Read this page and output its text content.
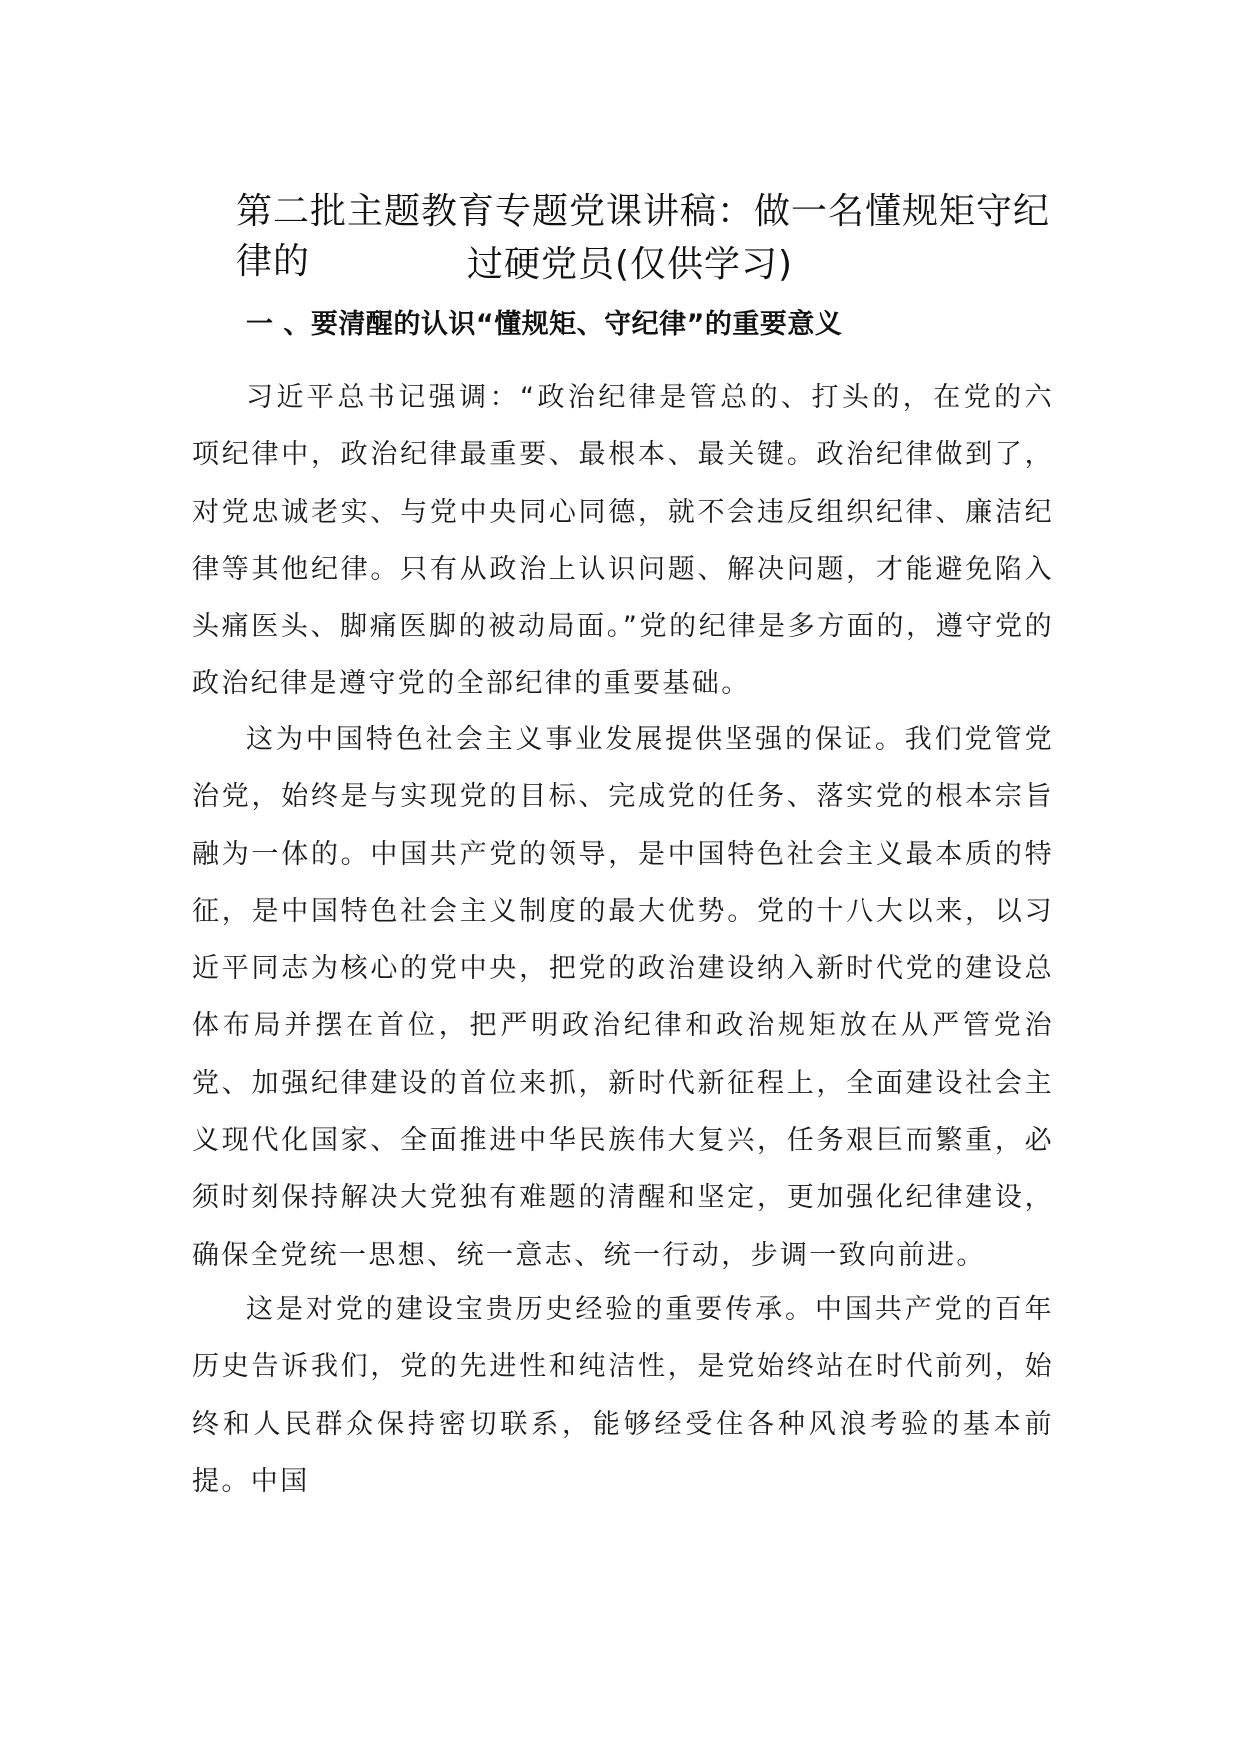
第二批主题教育专题党课讲稿：做一名懂规矩守纪律的	过硬党员(仅供学习)
一 、要清醒的认识“懂规矩、守纪律”的重要意义

习近平总书记强调：“政治纪律是管总的、打头的，在党的六项纪律中，政治纪律最重要、最根本、最关键。政治纪律做到了，对党忠诚老实、与党中央同心同德，就不会违反组织纪律、廉洁纪律等其他纪律。只有从政治上认识问题、解决问题，才能避免陷入头痛医头、脚痛医脚的被动局面。”党的纪律是多方面的，遵守党的政治纪律是遵守党的全部纪律的重要基础。

这为中国特色社会主义事业发展提供坚强的保证。我们党管党治党，始终是与实现党的目标、完成党的任务、落实党的根本宗旨融为一体的。中国共产党的领导，是中国特色社会主义最本质的特征，是中国特色社会主义制度的最大优势。党的十八大以来，以习近平同志为核心的党中央，把党的政治建设纳入新时代党的建设总体布局并摆在首位，把严明政治纪律和政治规矩放在从严管党治党、加强纪律建设的首位来抓，新时代新征程上，全面建设社会主义现代化国家、全面推进中华民族伟大复兴，任务艰巨而繁重，必须时刻保持解决大党独有难题的清醒和坚定，更加强化纪律建设，确保全党统一思想、统一意志、统一行动，步调一致向前进。

这是对党的建设宝贵历史经验的重要传承。中国共产党的百年历史告诉我们，党的先进性和纯洁性，是党始终站在时代前列，始终和人民群众保持密切联系，能够经受住各种风浪考验的基本前提。中国
